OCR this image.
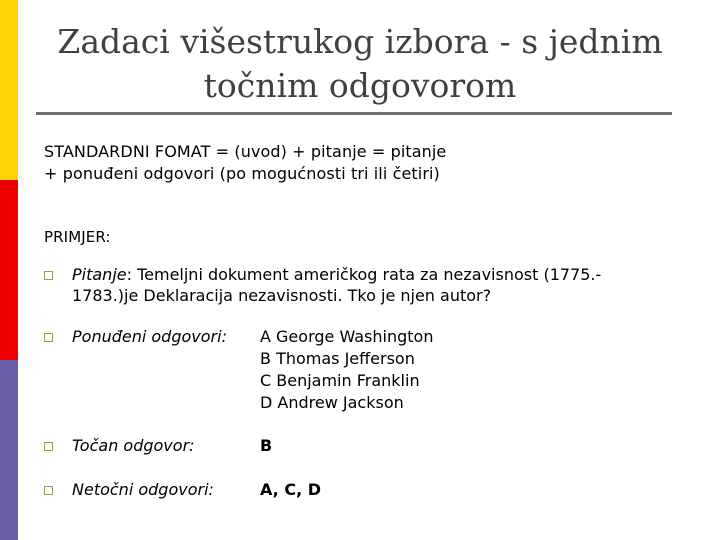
Zadaci višestrukog izbora - s jednim
točnim odgovorom
STANDARDNI FOMAT = (uvod) + pitanje = pitanje
+ ponuđeni odgovori (po mogućnosti tri ili četiri)
PRIMJER:
Pitanje: Temeljni dokument američkog rata za nezavisnost (1775.-
1783.)je Deklaracija nezavisnosti. Tko je njen autor?
Ponuđeni odgovori: A George Washington
B Thomas Jefferson
C Benjamin Franklin
D Andrew Jackson
Točan odgovor:	B
Netočni odgovori:	A, C, D
